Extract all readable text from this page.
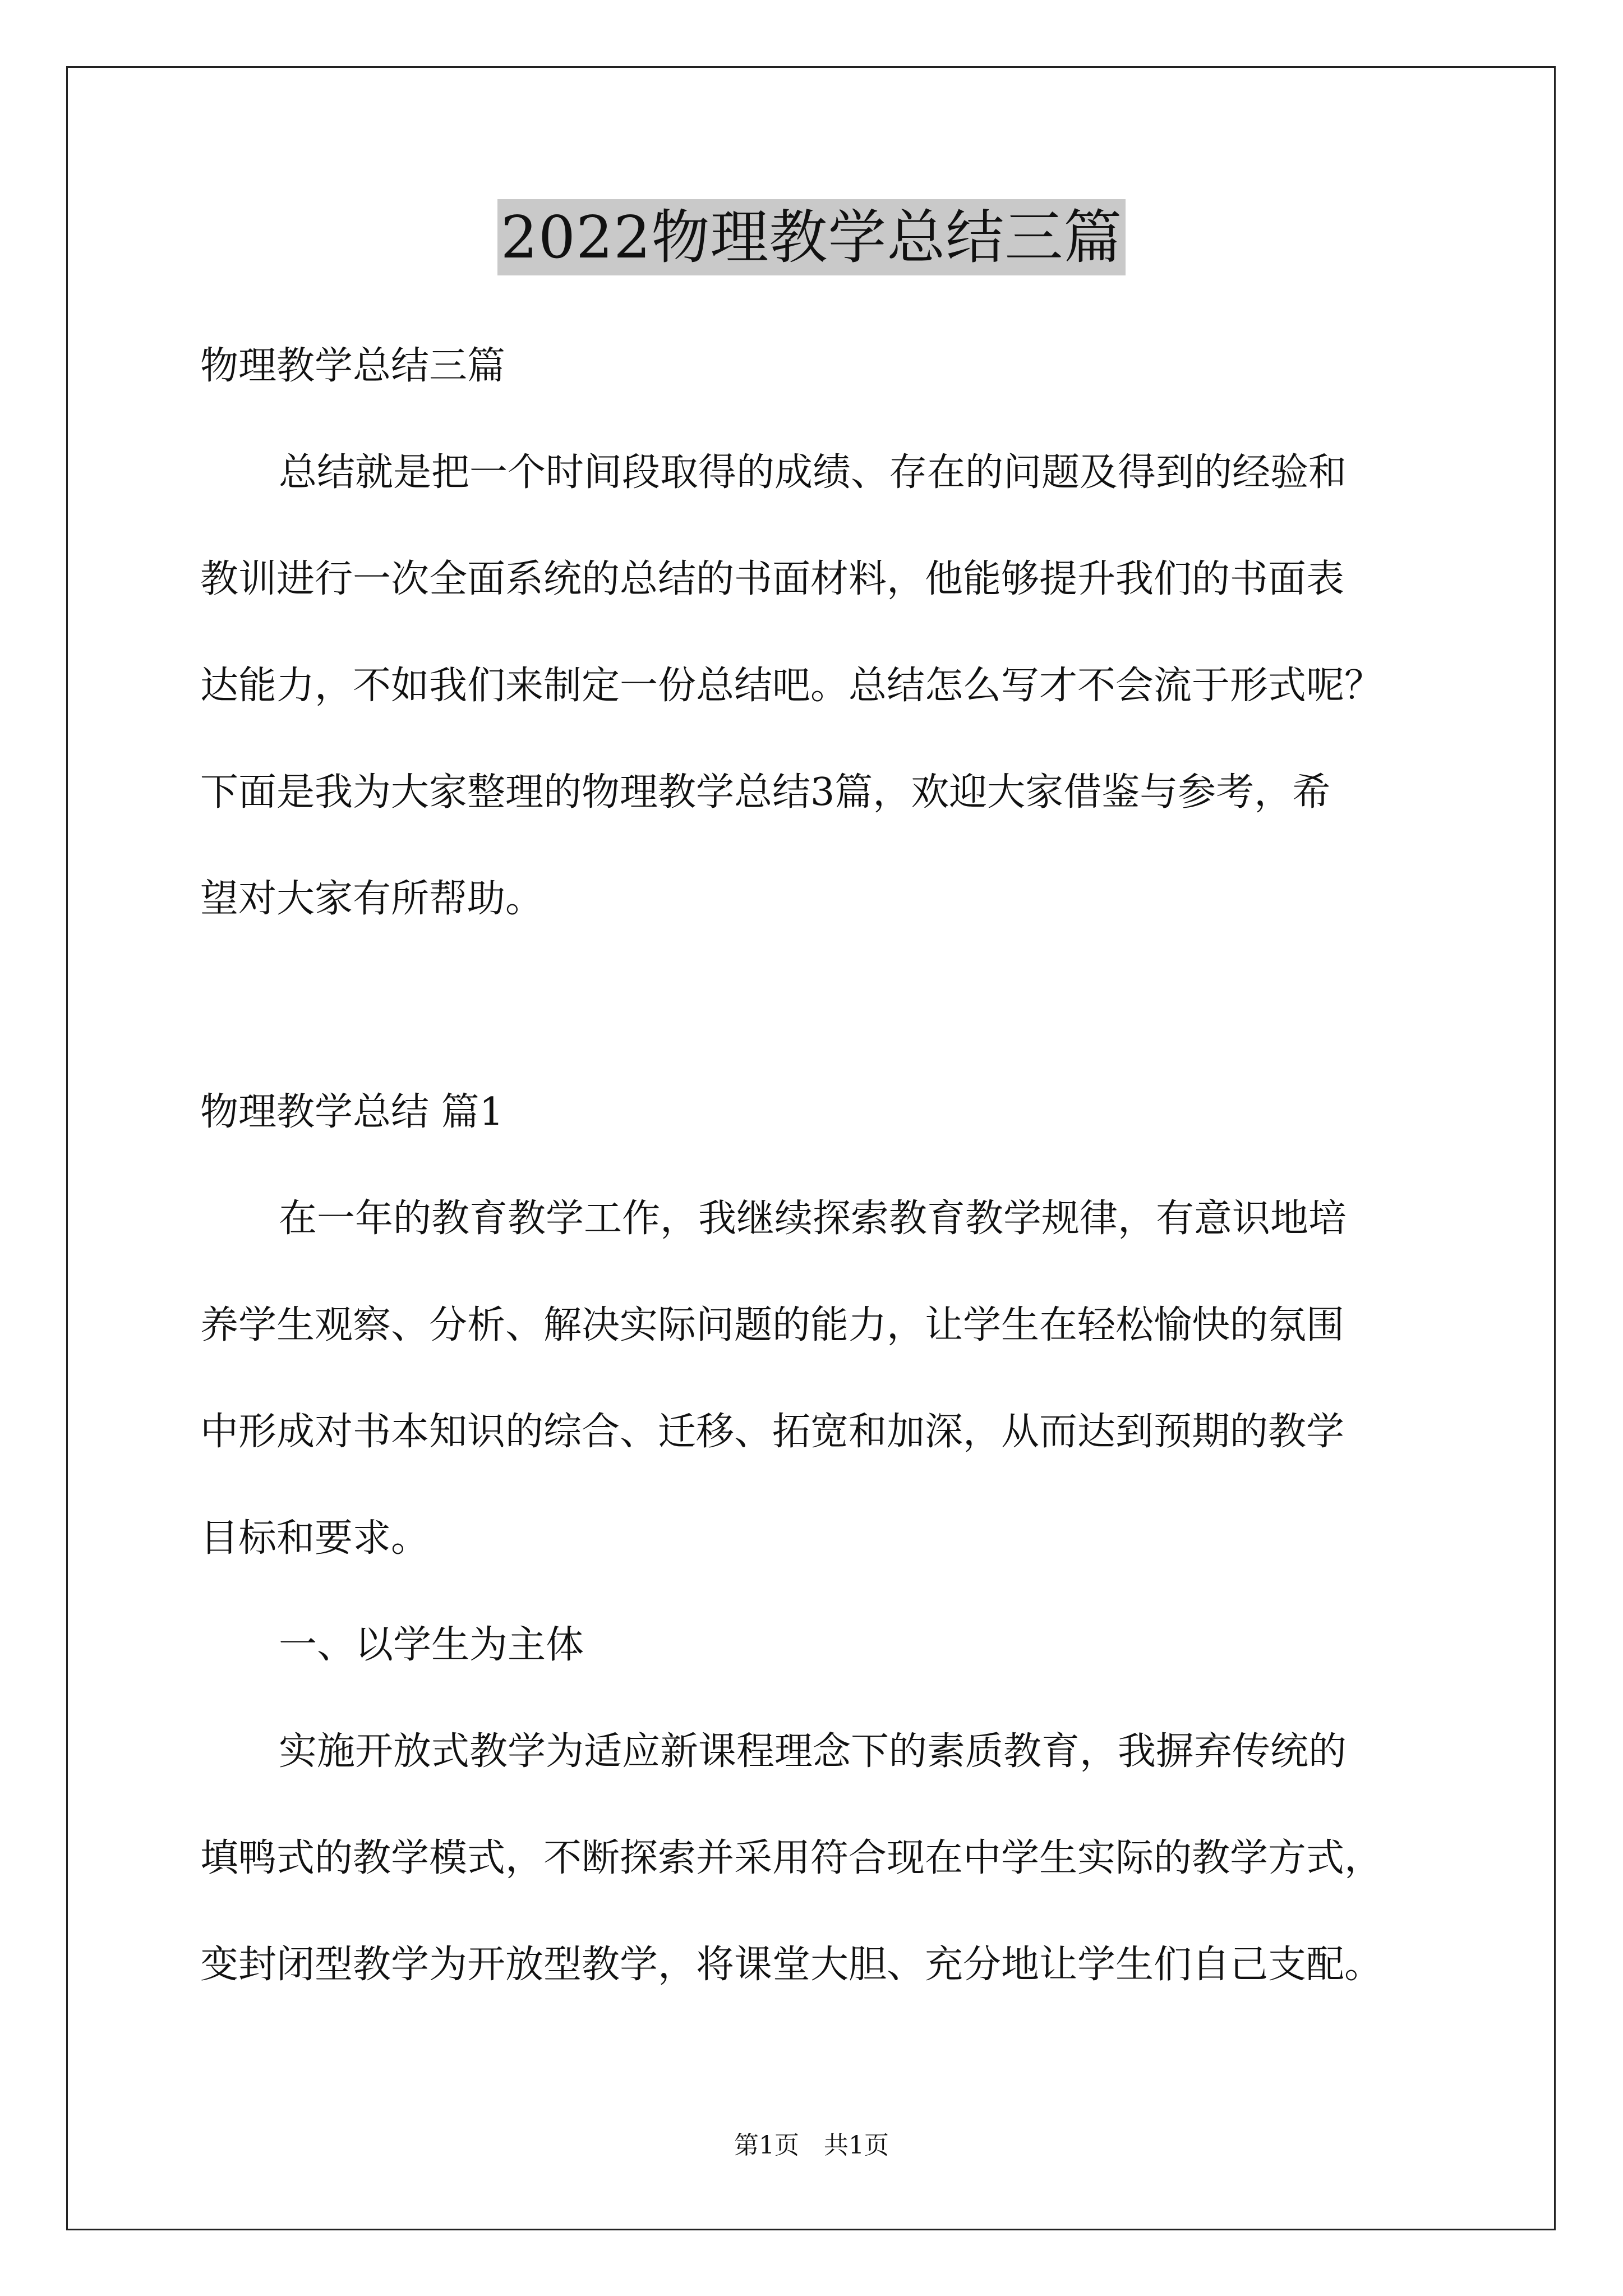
2022物理教学总结三篇
物理教学总结三篇
总结就是把一个时间段取得的成绩、存在的问题及得到的经验和
教训进行一次全面系统的总结的书面材料，他能够提升我们的书面表
达能力，不如我们来制定一份总结吧。总结怎么写才不会流于形式呢？
下面是我为大家整理的物理教学总结3篇，欢迎大家借鉴与参考，希
望对大家有所帮助。
物理教学总结 篇1
在一年的教育教学工作，我继续探索教育教学规律，有意识地培
养学生观察、分析、解决实际问题的能力，让学生在轻松愉快的氛围
中形成对书本知识的综合、迁移、拓宽和加深，从而达到预期的教学
目标和要求。
一、以学生为主体
实施开放式教学为适应新课程理念下的素质教育，我摒弃传统的
填鸭式的教学模式，不断探索并采用符合现在中学生实际的教学方式，
变封闭型教学为开放型教学，将课堂大胆、充分地让学生们自己支配。
第1页　共1页
